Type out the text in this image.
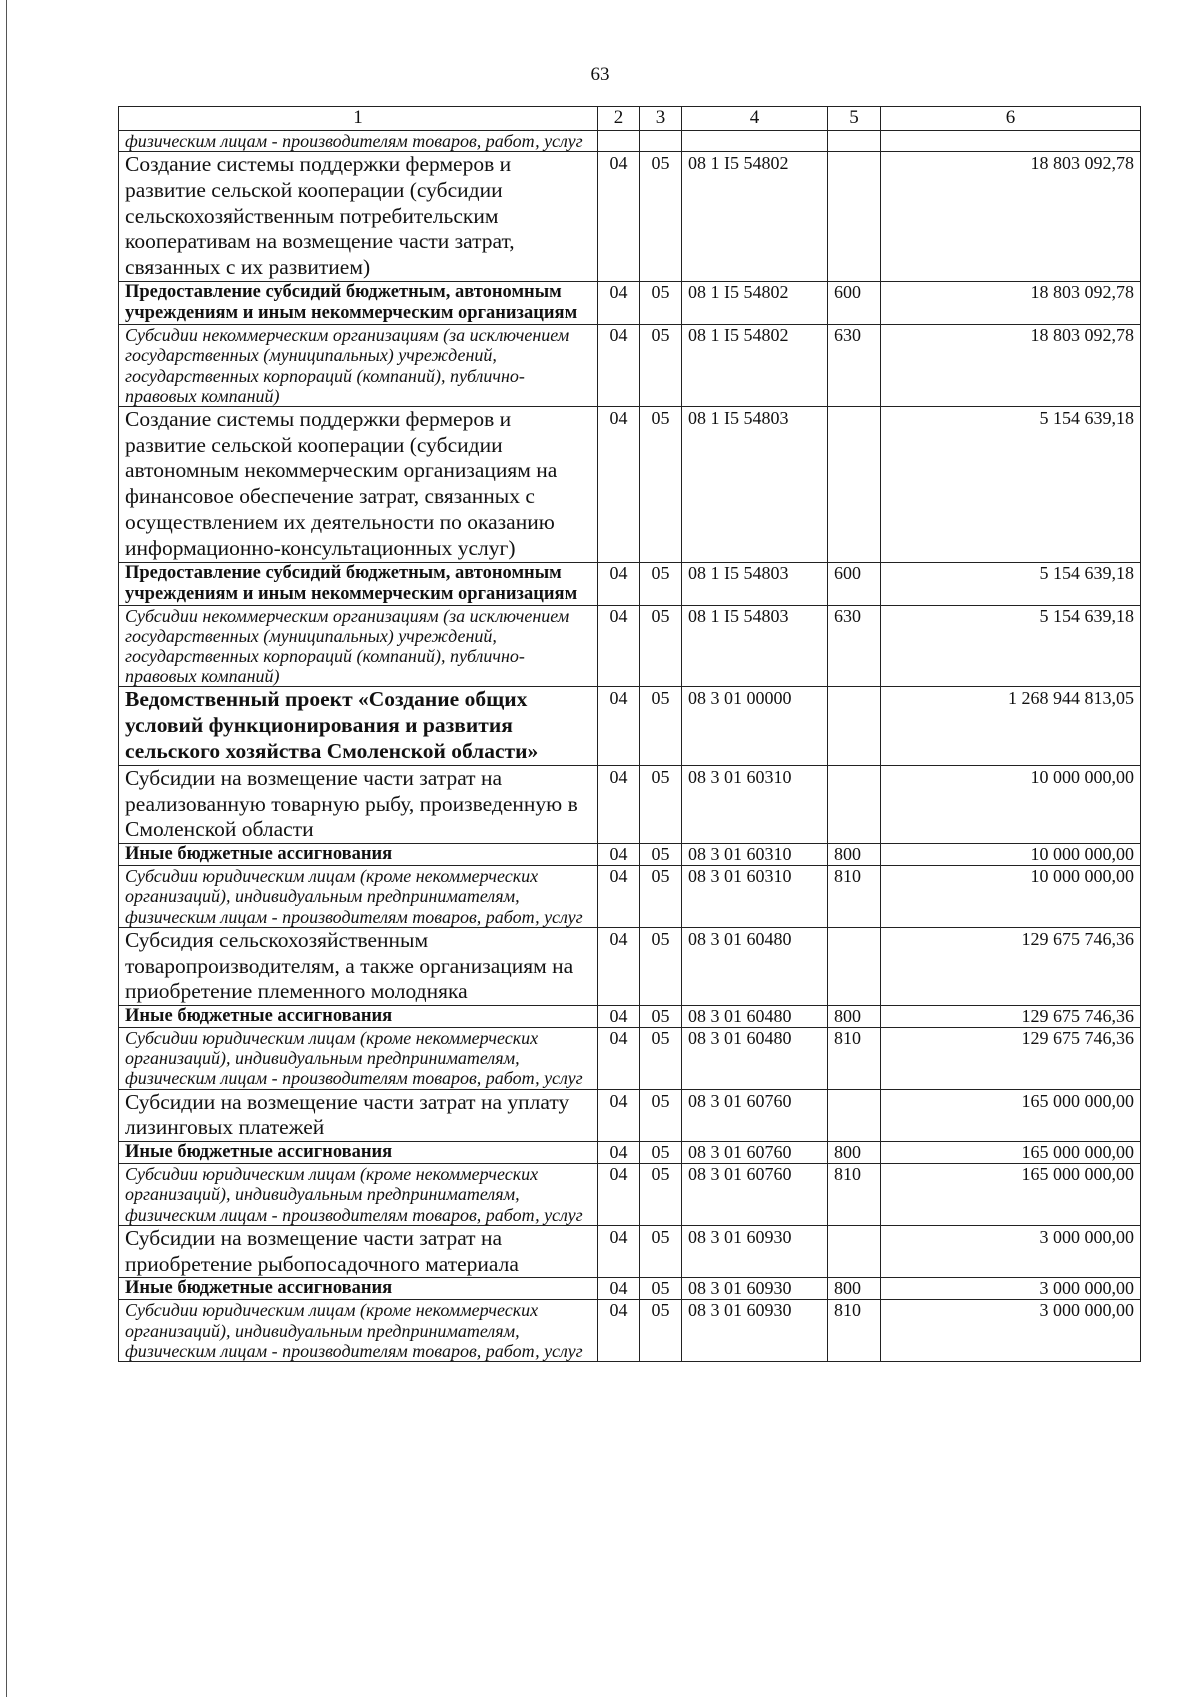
63
1	2	3	4	5	6
физическим лицам - производителям товаров, работ, услуг					
Создание системы поддержки фермеров и развитие сельской кооперации (субсидии сельскохозяйственным потребительским кооперативам на возмещение части затрат, связанных с их развитием)	04	05	08 1 I5 54802		18 803 092,78
Предоставление субсидий бюджетным, автономным учреждениям и иным некоммерческим организациям	04	05	08 1 I5 54802	600	18 803 092,78
Субсидии некоммерческим организациям (за исключением государственных (муниципальных) учреждений, государственных корпораций (компаний), публично-правовых компаний)	04	05	08 1 I5 54802	630	18 803 092,78
Создание системы поддержки фермеров и развитие сельской кооперации (субсидии автономным некоммерческим организациям на финансовое обеспечение затрат, связанных с осуществлением их деятельности по оказанию информационно-консультационных услуг)	04	05	08 1 I5 54803		5 154 639,18
Предоставление субсидий бюджетным, автономным учреждениям и иным некоммерческим организациям	04	05	08 1 I5 54803	600	5 154 639,18
Субсидии некоммерческим организациям (за исключением государственных (муниципальных) учреждений, государственных корпораций (компаний), публично-правовых компаний)	04	05	08 1 I5 54803	630	5 154 639,18
Ведомственный проект «Создание общих условий функционирования и развития сельского хозяйства Смоленской области»	04	05	08 3 01 00000		1 268 944 813,05
Субсидии на возмещение части затрат на реализованную товарную рыбу, произведенную в Смоленской области	04	05	08 3 01 60310		10 000 000,00
Иные бюджетные ассигнования	04	05	08 3 01 60310	800	10 000 000,00
Субсидии юридическим лицам (кроме некоммерческих организаций), индивидуальным предпринимателям, физическим лицам - производителям товаров, работ, услуг	04	05	08 3 01 60310	810	10 000 000,00
Субсидия сельскохозяйственным товаропроизводителям, а также организациям на приобретение племенного молодняка	04	05	08 3 01 60480		129 675 746,36
Иные бюджетные ассигнования	04	05	08 3 01 60480	800	129 675 746,36
Субсидии юридическим лицам (кроме некоммерческих организаций), индивидуальным предпринимателям, физическим лицам - производителям товаров, работ, услуг	04	05	08 3 01 60480	810	129 675 746,36
Субсидии на возмещение части затрат на уплату лизинговых платежей	04	05	08 3 01 60760		165 000 000,00
Иные бюджетные ассигнования	04	05	08 3 01 60760	800	165 000 000,00
Субсидии юридическим лицам (кроме некоммерческих организаций), индивидуальным предпринимателям, физическим лицам - производителям товаров, работ, услуг	04	05	08 3 01 60760	810	165 000 000,00
Субсидии на возмещение части затрат на приобретение рыбопосадочного материала	04	05	08 3 01 60930		3 000 000,00
Иные бюджетные ассигнования	04	05	08 3 01 60930	800	3 000 000,00
Субсидии юридическим лицам (кроме некоммерческих организаций), индивидуальным предпринимателям, физическим лицам - производителям товаров, работ, услуг	04	05	08 3 01 60930	810	3 000 000,00
